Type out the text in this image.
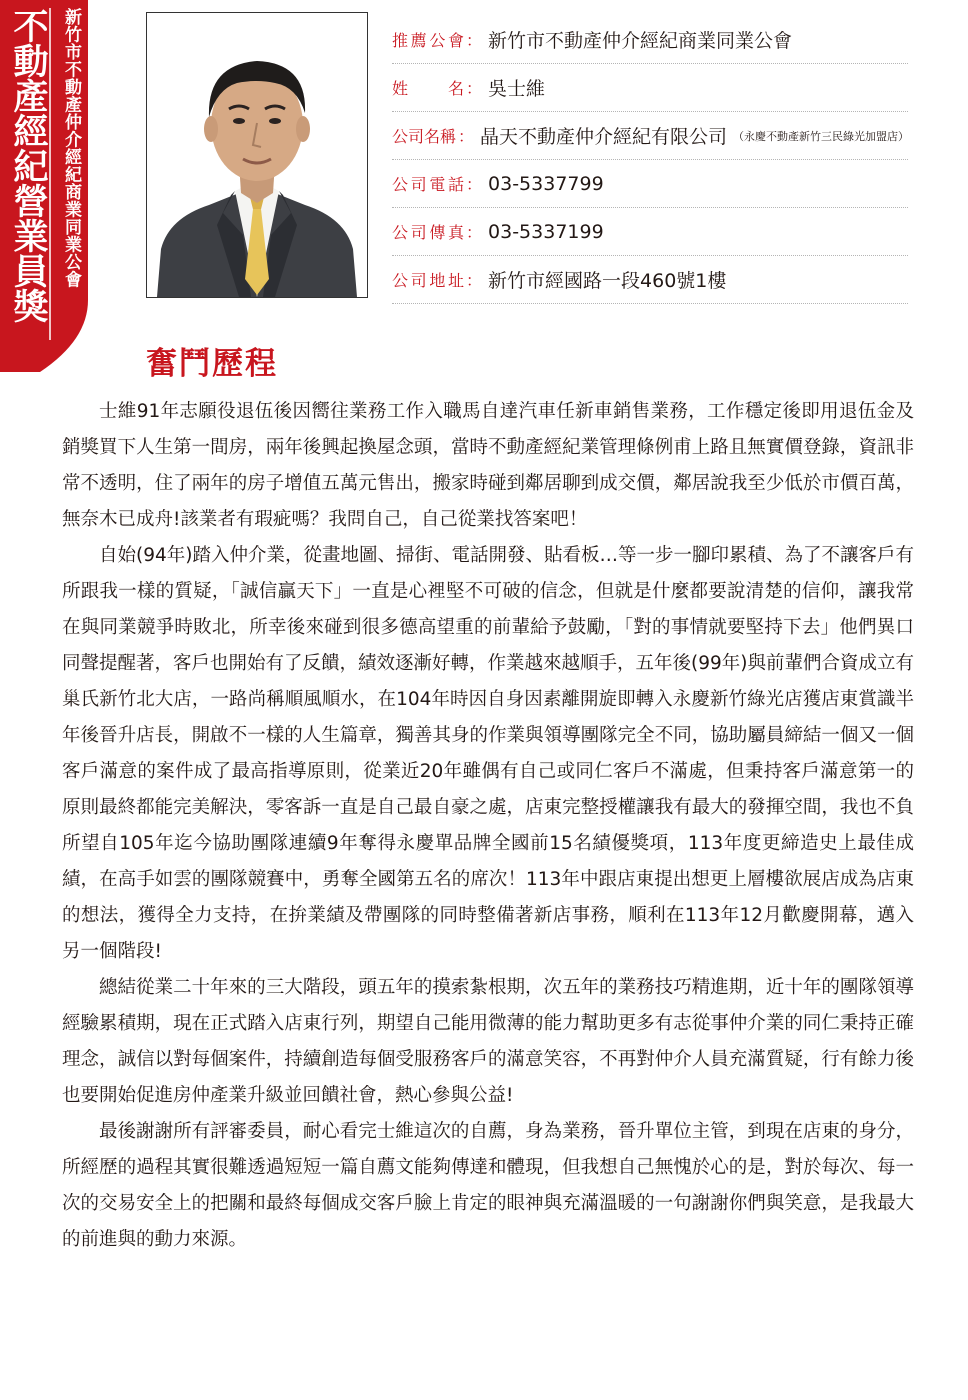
不動產經紀營業員獎 新竹市不動產仲介經紀商業同業公會	推薦公會 ： 新竹市不動產仲介經紀商業同業公會
姓名 ： 吳士維
公司名稱 ： 晶天不動產仲介經紀有限公司 （永慶不動產新竹三民綠光加盟店）
公司電話 ： 03-5337799
公司傳真 ： 03-5337199
公司地址 ： 新竹市經國路一段460號1樓
奮鬥歷程

士維91年志願役退伍後因嚮往業務工作入職馬自達汽車任新車銷售業務，工作穩定後即用退伍金及銷獎買下人生第一間房，兩年後興起換屋念頭，當時不動產經紀業管理條例甫上路且無實價登錄，資訊非常不透明，住了兩年的房子增值五萬元售出，搬家時碰到鄰居聊到成交價，鄰居說我至少低於市價百萬，無奈木已成舟!該業者有瑕疵嗎？我問自己，自己從業找答案吧！

自始(94年)踏入仲介業，從畫地圖、掃街、電話開發、貼看板…等一步一腳印累積、為了不讓客戶有所跟我一樣的質疑，「誠信贏天下」一直是心裡堅不可破的信念，但就是什麼都要說清楚的信仰，讓我常在與同業競爭時敗北，所幸後來碰到很多德高望重的前輩給予鼓勵，「對的事情就要堅持下去」他們異口同聲提醒著，客戶也開始有了反饋，績效逐漸好轉，作業越來越順手，五年後(99年)與前輩們合資成立有巢氏新竹北大店，一路尚稱順風順水，在104年時因自身因素離開旋即轉入永慶新竹綠光店獲店東賞識半年後晉升店長，開啟不一樣的人生篇章，獨善其身的作業與領導團隊完全不同，協助屬員締結一個又一個客戶滿意的案件成了最高指導原則，從業近20年雖偶有自己或同仁客戶不滿處，但秉持客戶滿意第一的原則最終都能完美解決，零客訴一直是自己最自豪之處，店東完整授權讓我有最大的發揮空間，我也不負所望自105年迄今協助團隊連續9年奪得永慶單品牌全國前15名績優獎項，113年度更締造史上最佳成績，在高手如雲的團隊競賽中，勇奪全國第五名的席次！113年中跟店東提出想更上層樓欲展店成為店東的想法，獲得全力支持，在拚業績及帶團隊的同時整備著新店事務，順利在113年12月歡慶開幕，邁入另一個階段!

總結從業二十年來的三大階段，頭五年的摸索紮根期，次五年的業務技巧精進期，近十年的團隊領導經驗累積期，現在正式踏入店東行列，期望自己能用微薄的能力幫助更多有志從事仲介業的同仁秉持正確理念，誠信以對每個案件，持續創造每個受服務客戶的滿意笑容，不再對仲介人員充滿質疑，行有餘力後也要開始促進房仲產業升級並回饋社會，熱心參與公益!

最後謝謝所有評審委員，耐心看完士維這次的自薦，身為業務，晉升單位主管，到現在店東的身分，所經歷的過程其實很難透過短短一篇自薦文能夠傳達和體現，但我想自己無愧於心的是，對於每次、每一次的交易安全上的把關和最終每個成交客戶臉上肯定的眼神與充滿溫暖的一句謝謝你們與笑意，是我最大的前進與的動力來源。
